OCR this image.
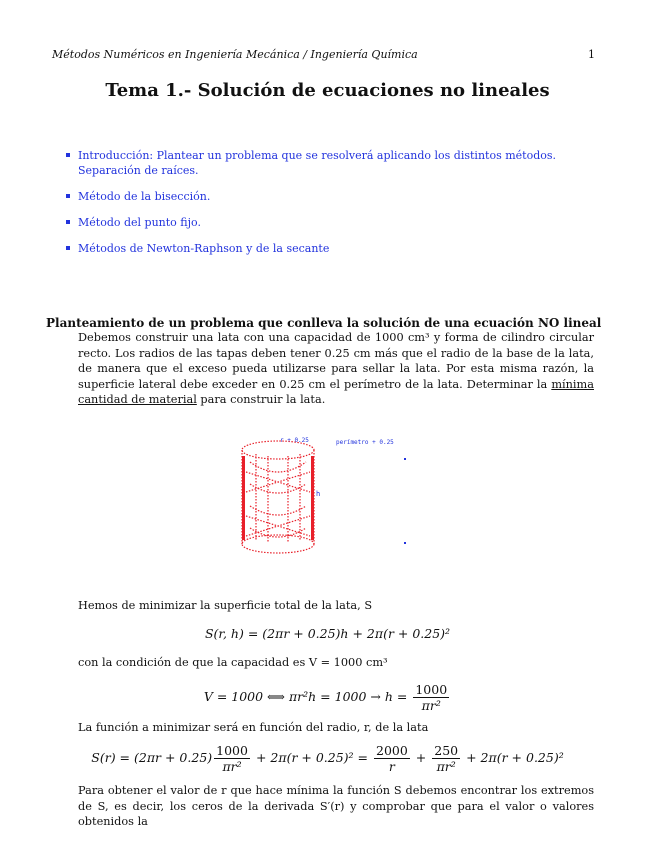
Métodos Numéricos en Ingeniería Mecánica / Ingeniería Química	1
Tema 1.- Solución de ecuaciones no lineales
Introducción: Plantear un problema que se resolverá aplicando los distintos métodos. Separación de raíces.
Método de la bisección.
Método del punto fijo.
Métodos de Newton-Raphson y de la secante
Planteamiento de un problema que conlleva la solución de una ecuación NO lineal
Debemos construir una lata con una capacidad de 1000 cm³ y forma de cilindro circular recto. Los radios de las tapas deben tener 0.25 cm más que el radio de la base de la lata, de manera que el exceso pueda utilizarse para sellar la lata. Por esta misma razón, la superficie lateral debe exceder en 0.25 cm el perímetro de la lata. Determinar la mínima cantidad de material para construir la lata.
r + 0.25	perímetro + 0.25
h
Hemos de minimizar la superficie total de la lata, S
S(r, h) = (2πr + 0.25)h + 2π(r + 0.25)²
con la condición de que la capacidad es V = 1000 cm³
V = 1000 ⟺ $\pi r^2h = 1000 \to h = \frac{1000}{\text{πr²}}$
La función a minimizar será en función del radio, r, de la lata
$S(r) = (2\pi r + 0.25) \frac{1000}{\text{πr²}} + 2\pi(r + 0.25)^2 = \frac{2000}{r} + \frac{250}{\text{πr²}} + 2\pi(r + 0.25)^2$
Para obtener el valor de r que hace mínima la función S debemos encontrar los extremos de S, es decir, los ceros de la derivada S′(r) y comprobar que para el valor o valores obtenidos la
